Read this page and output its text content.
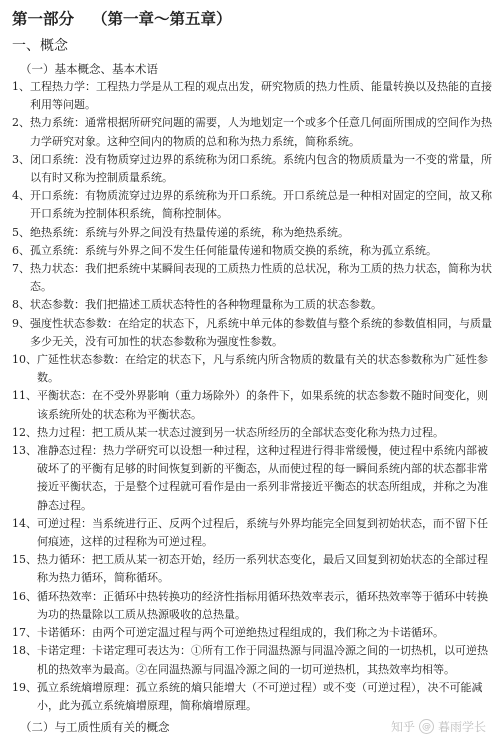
第一部分 （第一章～第五章）
一、概念
（一）基本概念、基本术语
1、 工程热力学：工程热力学是从工程的观点出发，研究物质的热力性质、能量转换以及热能的直接利用等问题。
2、 热力系统：通常根据所研究问题的需要，人为地划定一个或多个任意几何面所围成的空间作为热力学研究对象。这种空间内的物质的总和称为热力系统，简称系统。
3、 闭口系统：没有物质穿过边界的系统称为闭口系统。系统内包含的物质质量为一不变的常量，所以有时又称为控制质量系统。
4、 开口系统：有物质流穿过边界的系统称为开口系统。开口系统总是一种相对固定的空间，故又称开口系统为控制体积系统，简称控制体。
5、 绝热系统：系统与外界之间没有热量传递的系统，称为绝热系统。
6、 孤立系统：系统与外界之间不发生任何能量传递和物质交换的系统，称为孤立系统。
7、 热力状态：我们把系统中某瞬间表现的工质热力性质的总状况，称为工质的热力状态，简称为状态。
8、 状态参数：我们把描述工质状态特性的各种物理量称为工质的状态参数。
9、 强度性状态参数：在给定的状态下，凡系统中单元体的参数值与整个系统的参数值相同，与质量多少无关，没有可加性的状态参数称为强度性参数。
10、 广延性状态参数：在给定的状态下，凡与系统内所含物质的数量有关的状态参数称为广延性参数。
11、 平衡状态：在不受外界影响（重力场除外）的条件下，如果系统的状态参数不随时间变化，则该系统所处的状态称为平衡状态。
12、 热力过程：把工质从某一状态过渡到另一状态所经历的全部状态变化称为热力过程。
13、 准静态过程：热力学研究可以设想一种过程，这种过程进行得非常缓慢，使过程中系统内部被破坏了的平衡有足够的时间恢复到新的平衡态，从而使过程的每一瞬间系统内部的状态都非常接近平衡状态，于是整个过程就可看作是由一系列非常接近平衡态的状态所组成，并称之为准静态过程。
14、 可逆过程：当系统进行正、反两个过程后，系统与外界均能完全回复到初始状态，而不留下任何痕迹，这样的过程称为可逆过程。
15、 热力循环：把工质从某一初态开始，经历一系列状态变化，最后又回复到初始状态的全部过程称为热力循环，简称循环。
16、 循环热效率：正循环中热转换功的经济性指标用循环热效率表示，循环热效率等于循环中转换为功的热量除以工质从热源吸收的总热量。
17、 卡诺循环：由两个可逆定温过程与两个可逆绝热过程组成的，我们称之为卡诺循环。
18、 卡诺定理：卡诺定理可表达为：①所有工作于同温热源与同温冷源之间的一切热机，以可逆热机的热效率为最高。②在同温热源与同温冷源之间的一切可逆热机，其热效率均相等。
19、 孤立系统熵增原理：孤立系统的熵只能增大（不可逆过程）或不变（可逆过程），决不可能减小，此为孤立系统熵增原理，简称熵增原理。
（二）与工质性质有关的概念	知乎 @ 暮雨学长
